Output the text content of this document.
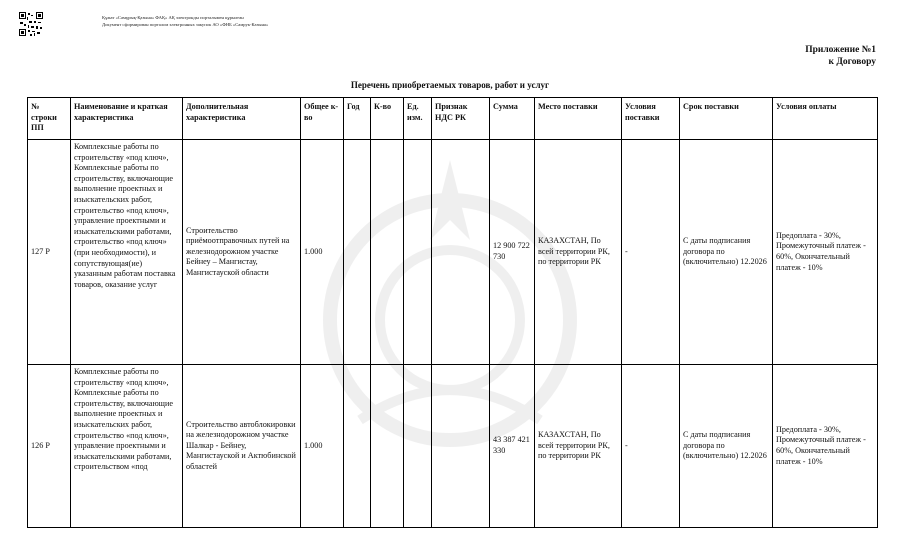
Құжат «Самұрық-Қазына» ФАҚ» АҚ электронды порталымен құрылған
Документ сформирован порталом электронных закупок АО «ФНБ «Самрук-Казына»
Приложение №1
к Договору
Перечень приобретаемых товаров, работ и услуг
№ строки ПП	Наименование и краткая характеристика	Дополнительная характеристика	Общее к-во	Год	К-во	Ед. изм.	Признак НДС РК	Сумма	Место поставки	Условия поставки	Срок поставки	Условия оплаты
127 Р	Комплексные работы по строительству «под ключ», Комплексные работы по строительству, включающие выполнение проектных и изыскательских работ, строительство «под ключ», управление проектными и изыскательскими работами, строительство «под ключ» (при необходимости), и сопутствующая(ие) указанным работам поставка товаров, оказание услуг	Строительство приёмоотправочных путей на железнодорожном участке Бейнеу – Мангистау, Мангистауской области	1.000					12 900 722 730	КАЗАХСТАН, По всей территории РК, по территории РК	-	С даты подписания договора по (включительно) 12.2026	Предоплата - 30%, Промежуточный платеж - 60%, Окончательный платеж - 10%
126 Р	Комплексные работы по строительству «под ключ», Комплексные работы по строительству, включающие выполнение проектных и изыскательских работ, строительство «под ключ», управление проектными и изыскательскими работами, строительством «под	Строительство автоблокировки на железнодорожном участке Шалкар - Бейнеу, Мангистауской и Актюбинской областей	1.000					43 387 421 330	КАЗАХСТАН, По всей территории РК, по территории РК	-	С даты подписания договора по (включительно) 12.2026	Предоплата - 30%, Промежуточный платеж - 60%, Окончательный платеж - 10%
